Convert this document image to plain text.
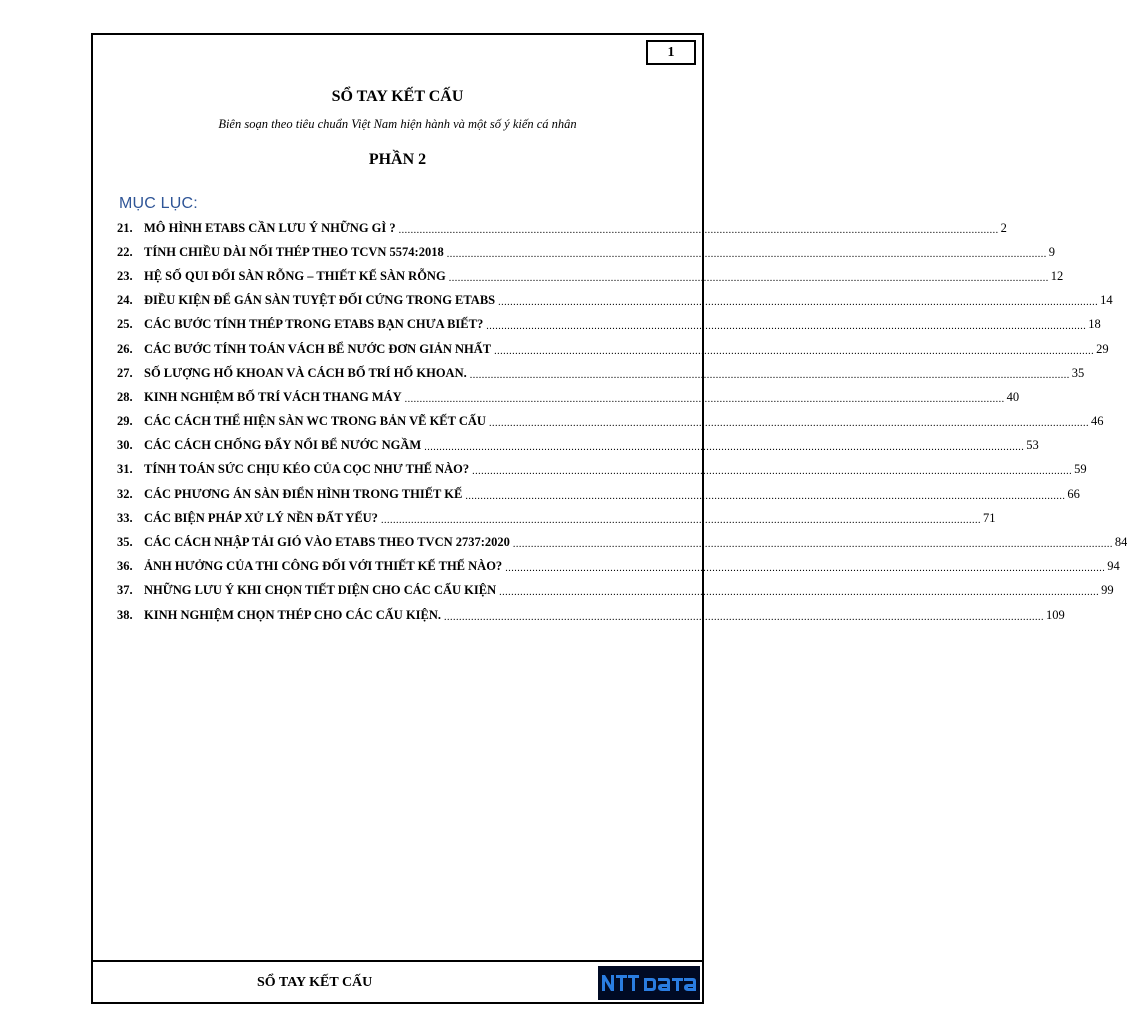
1
SỔ TAY KẾT CẤU
Biên soạn theo tiêu chuẩn Việt Nam hiện hành và một số ý kiến cá nhân
PHẦN 2
MỤC LỤC:
21. MÔ HÌNH ETABS CẦN LƯU Ý NHỮNG GÌ ? ........................................................................................................................................................................................................ 2
22. TÍNH CHIỀU DÀI NỐI THÉP THEO TCVN 5574:2018 ........................................................................................................................................................................................................ 9
23. HỆ SỐ QUI ĐỔI SÀN RỖNG – THIẾT KẾ SÀN RỖNG ........................................................................................................................................................................................................ 12
24. ĐIỀU KIỆN ĐỂ GÁN SÀN TUYỆT ĐỐI CỨNG TRONG ETABS ........................................................................................................................................................................................................ 14
25. CÁC BƯỚC TÍNH THÉP TRONG ETABS BẠN CHƯA BIẾT? ........................................................................................................................................................................................................ 18
26. CÁC BƯỚC TÍNH TOÁN VÁCH BỂ NƯỚC ĐƠN GIẢN NHẤT ........................................................................................................................................................................................................ 29
27. SỐ LƯỢNG HỐ KHOAN VÀ CÁCH BỐ TRÍ HỐ KHOAN. ........................................................................................................................................................................................................ 35
28. KINH NGHIỆM BỐ TRÍ VÁCH THANG MÁY ........................................................................................................................................................................................................ 40
29. CÁC CÁCH THỂ HIỆN SÀN WC TRONG BẢN VẼ KẾT CẤU ........................................................................................................................................................................................................ 46
30. CÁC CÁCH CHỐNG ĐẨY NỔI BỂ NƯỚC NGẦM ........................................................................................................................................................................................................ 53
31. TÍNH TOÁN SỨC CHỊU KÉO CỦA CỌC NHƯ THẾ NÀO? ........................................................................................................................................................................................................ 59
32. CÁC PHƯƠNG ÁN SÀN ĐIỂN HÌNH TRONG THIẾT KẾ ........................................................................................................................................................................................................ 66
33. CÁC BIỆN PHÁP XỬ LÝ NỀN ĐẤT YẾU? ........................................................................................................................................................................................................ 71
35. CÁC CÁCH NHẬP TẢI GIÓ VÀO ETABS THEO TVCN 2737:2020 ........................................................................................................................................................................................................ 84
36. ẢNH HƯỞNG CỦA THI CÔNG ĐỐI VỚI THIẾT KẾ THẾ NÀO? ........................................................................................................................................................................................................ 94
37. NHỮNG LƯU Ý KHI CHỌN TIẾT DIỆN CHO CÁC CẤU KIỆN ........................................................................................................................................................................................................ 99
38. KINH NGHIỆM CHỌN THÉP CHO CÁC CẤU KIỆN. ........................................................................................................................................................................................................ 109
SỔ TAY KẾT CẤU
